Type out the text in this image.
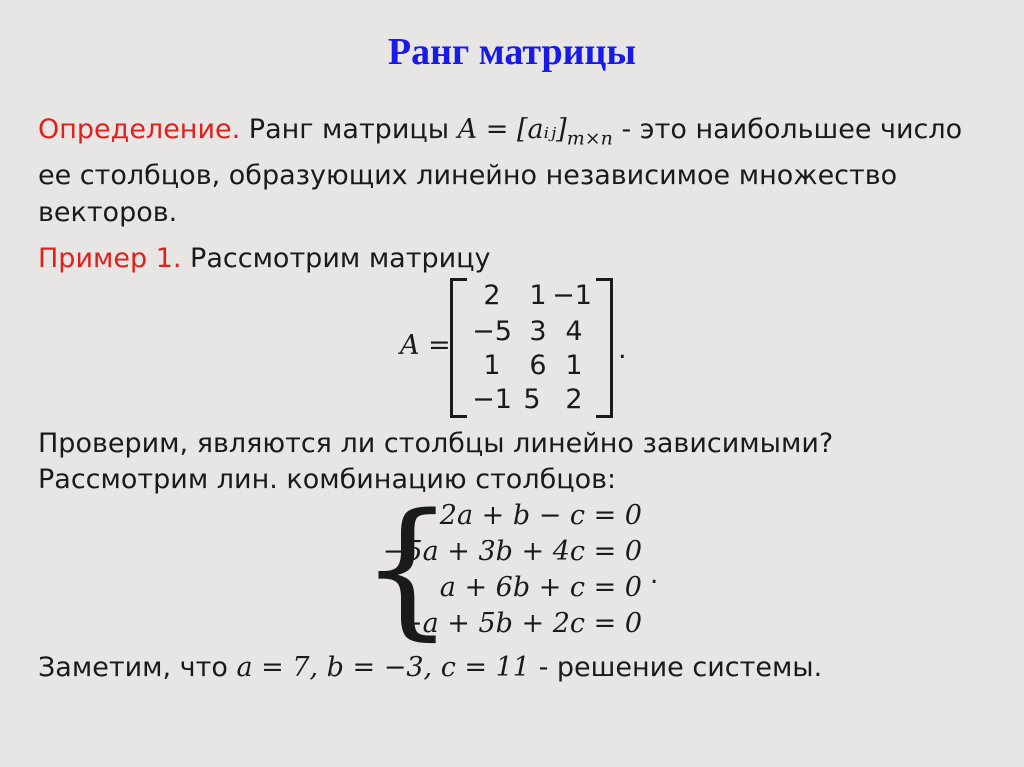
Ранг матрицы
Определение. Ранг матрицы $A = [aᵢⱼ]_{m\times n}$ - это наибольшее число
ее столбцов, образующих линейно независимое множество
векторов.
Пример 1. Рассмотрим матрицу
A =
2	1 −1
−5 3 4
1	6 1
−1 5 2
.
Проверим, являются ли столбцы линейно зависимыми?
Рассмотрим лин. комбинацию столбцов:
{
2a + b − c = 0
−5a + 3b + 4c = 0
a + 6b + c = 0
−a + 5b + 2c = 0
.
Заметим, что a = 7, b = −3, c = 11 - решение системы.
